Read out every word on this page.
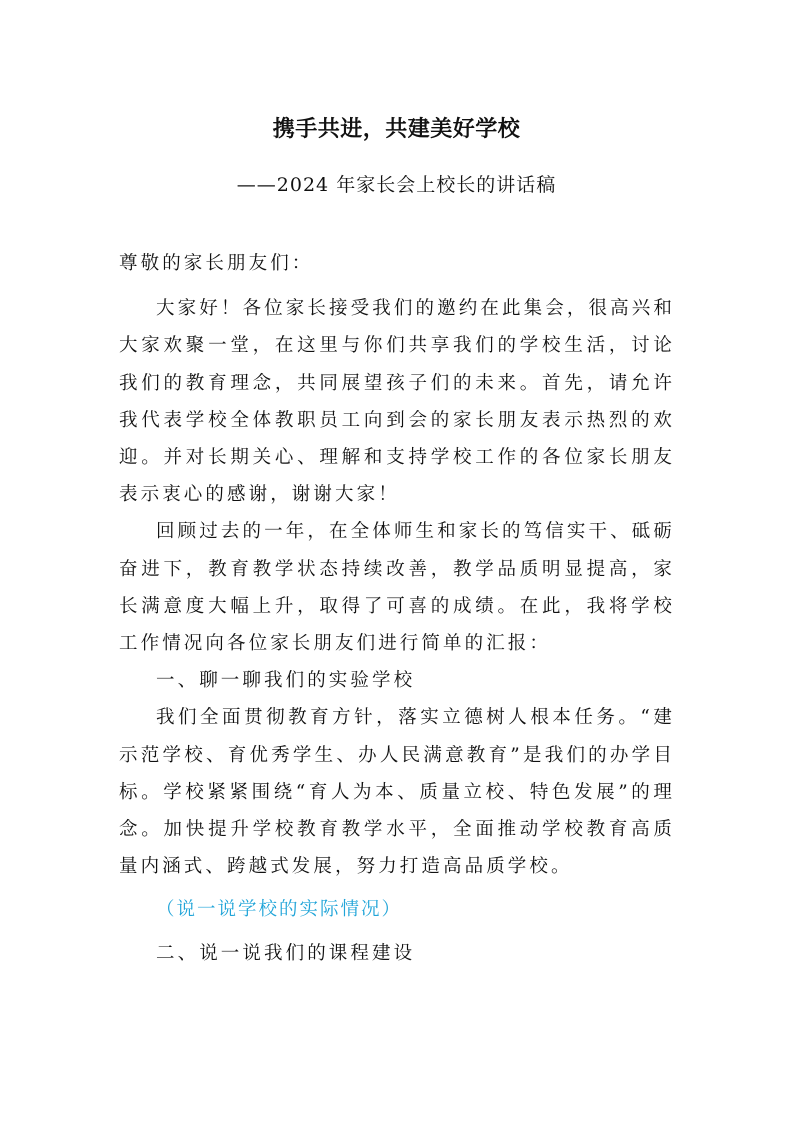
携手共进，共建美好学校
——2024 年家长会上校长的讲话稿

尊敬的家长朋友们：

大家好！各位家长接受我们的邀约在此集会，很高兴和大家欢聚一堂，在这里与你们共享我们的学校生活，讨论我们的教育理念，共同展望孩子们的未来。首先，请允许我代表学校全体教职员工向到会的家长朋友表示热烈的欢迎。并对长期关心、理解和支持学校工作的各位家长朋友表示衷心的感谢，谢谢大家！

回顾过去的一年，在全体师生和家长的笃信实干、砥砺奋进下，教育教学状态持续改善，教学品质明显提高，家长满意度大幅上升，取得了可喜的成绩。在此，我将学校工作情况向各位家长朋友们进行简单的汇报：

一、聊一聊我们的实验学校

我们全面贯彻教育方针，落实立德树人根本任务。“建示范学校、育优秀学生、办人民满意教育”是我们的办学目标。学校紧紧围绕“育人为本、质量立校、特色发展”的理念。加快提升学校教育教学水平，全面推动学校教育高质量内涵式、跨越式发展，努力打造高品质学校。

（说一说学校的实际情况）

二、说一说我们的课程建设
